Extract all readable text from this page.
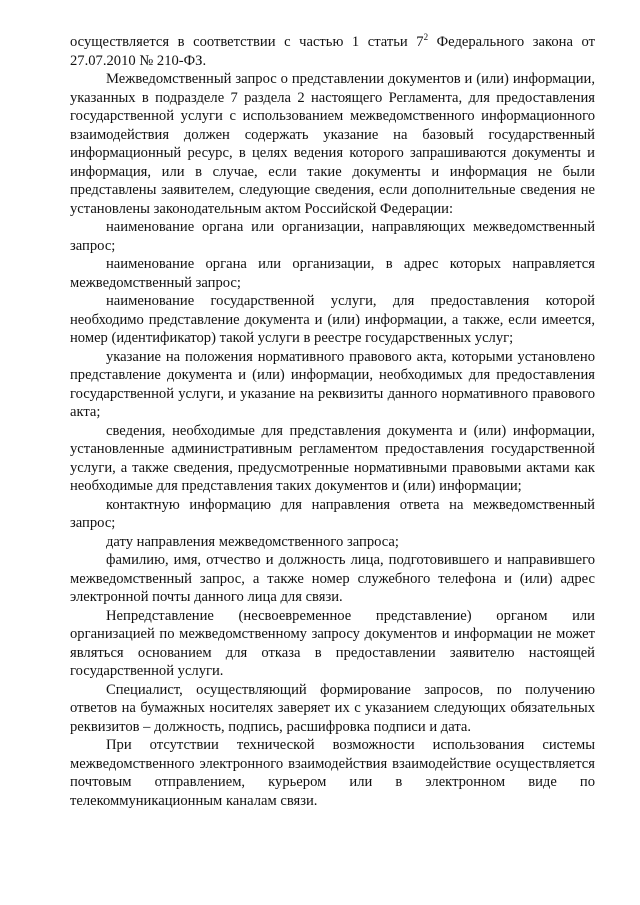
осуществляется в соответствии с частью 1 статьи $7^2$ Федерального закона от 27.07.2010 № 210-ФЗ.

Межведомственный запрос о представлении документов и (или) информации, указанных в подразделе 7 раздела 2 настоящего Регламента, для предоставления государственной услуги с использованием межведомственного информационного взаимодействия должен содержать указание на базовый государственный информационный ресурс, в целях ведения которого запрашиваются документы и информация, или в случае, если такие документы и информация не были представлены заявителем, следующие сведения, если дополнительные сведения не установлены законодательным актом Российской Федерации:

наименование органа или организации, направляющих межведомственный запрос;

наименование органа или организации, в адрес которых направляется межведомственный запрос;

наименование государственной услуги, для предоставления которой необходимо представление документа и (или) информации, а также, если имеется, номер (идентификатор) такой услуги в реестре государственных услуг;

указание на положения нормативного правового акта, которыми установлено представление документа и (или) информации, необходимых для предоставления государственной услуги, и указание на реквизиты данного нормативного правового акта;

сведения, необходимые для представления документа и (или) информации, установленные административным регламентом предоставления государственной услуги, а также сведения, предусмотренные нормативными правовыми актами как необходимые для представления таких документов и (или) информации;

контактную информацию для направления ответа на межведомственный запрос;

дату направления межведомственного запроса;

фамилию, имя, отчество и должность лица, подготовившего и направившего межведомственный запрос, а также номер служебного телефона и (или) адрес электронной почты данного лица для связи.

Непредставление (несвоевременное представление) органом или организацией по межведомственному запросу документов и информации не может являться основанием для отказа в предоставлении заявителю настоящей государственной услуги.

Специалист, осуществляющий формирование запросов, по получению ответов на бумажных носителях заверяет их с указанием следующих обязательных реквизитов – должность, подпись, расшифровка подписи и дата.

При отсутствии технической возможности использования системы межведомственного электронного взаимодействия взаимодействие осуществляется почтовым отправлением, курьером или в электронном виде по телекоммуникационным каналам связи.
